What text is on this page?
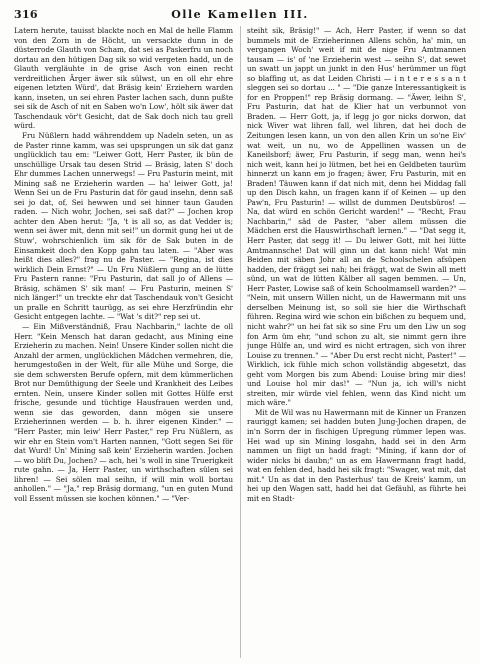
316	Olle Kamellen III.

Latern herute, tauisst blackte noch en Mal de helle Flamm von den Zorn in de Höcht, un versackte dunn in de düsterrode Glauth von Scham, dat sei as Paskerfru un noch dortau an den hütigen Dag sik so wid vergeten hadd, un de Glauth vergläuhte in de grise Asch von einen recht verdreitlichen Ärger äwer sik sülwst, un en oll ehr ehre eigenen letzten Würd', dat Bräsig kein' Erziehern warden kann, inseten, un sei ehren Paster lachen sach, dunn pußte sei sik de Asch of nit en Saben wo'n Low', hölt sik äwer dat Taschendauk vör't Gesicht, dat de Sak doch nich tau grell würd.

Fru Nüßlern hadd währenddem up Nadeln seten, un as de Paster rinne kamm, was sei upsprungen un sik dat ganz unglücklich tau em: "Leiwer Gott, Herr Paster, ik bün de unschüllige Ursak tau desen Strid — Bräsig, laten S' doch Ehr dummes Lachen unnerwegs! — Fru Pasturin meint, mit Mining saß ne Erzieherin warden — ha' leiwer Gott, ja! Wenn Sei un de Fru Pasturin dat för gaud insehn, denn saß sei jo dat, of, Sei hewwen und sei hinner taun Gauden raden. — Nich wohr, Jochen, sei saß dat?" — Jochen krop achter den Aben herut: "Ja, 't is all so, as dat Vedder is; wenn sei äwer mit, denn mit sei!" un dormit gung hei ut de Stuw', wohrschienlich üm sik för de Sak buten in de Einsamkeit doch den Kopp gahn tau laten. — "Aber was heißt dies alles?" frag nu de Paster. — "Regina, ist dies wirklich Dein Ernst?" — Un Fru Nüßlern gung an de lütte Fru Pastern ranne: "Fru Pasturin, dat sall jo of Allens — Bräsig, schämen S' sik man! — Fru Pasturin, meinen S' nich länger!" un treckte ehr dat Taschendauk von't Gesicht un pralle en Schritt taurügg, as sei ehre Herzfründin ehr Gesicht entgegen lachte. — "Wat 's dit?" rep sei ut.

— Ein Mißverständniß, Frau Nachbarin," lachte de oll Herr. "Kein Mensch hat daran gedacht, aus Mining eine Erzieherin zu machen. Nein! Unsere Kinder sollen nicht die Anzahl der armen, unglücklichen Mädchen vermehren, die, herumgestoßen in der Welt, für alle Mühe und Sorge, die sie dem schwersten Berufe opfern, mit dem kümmerlichen Brot nur Demüthigung der Seele und Krankheit des Leibes ernten. Nein, unsere Kinder sollen mit Gottes Hülfe erst frische, gesunde und tüchtige Hausfrauen werden und, wenn sie das geworden, dann mögen sie unsere Erzieherinnen werden — b. h. ihrer eigenen Kinder." — "Herr Paster, min leiw' Herr Paster," rep Fru Nüßlern, as wir ehr en Stein vom't Harten nannen, "Gott segen Sei för dat Wurd! Un' Mining saß kein' Erzieherin warden. Jochen — wo blift Du, Jochen? — ach, hei 's woll in sine Truerigkeit rute gahn. — Ja, Herr Paster, un wirthschaften sülen sei lihren! — Sei sölen mal seihn, if will min woll bortau anhollen." — "Ja," rep Bräsig dormang, "un en guten Mund voll Essent müssen sie kochen können." — "Ver-

steiht sik, Bräsig!" — Ach, Herr Paster, if wenn so dat bummels mit de Erzieherinnen Allens schön, ha' min, un vergangen Woch' weit if mit de nige Fru Amtmannen tausam — is' of 'ne Erzieherin west — seihn S', dat sewet un swatt un jappt un junkt in den Hus' herümmer un fügt so blaffing ut, as dat Leiden Christi — i n t e r e s s a n t sleggen sei so dortau ... " — "Die ganze Interessantigkeit is for en Proppen!" rep Bräsig dormang. — "Äwer, leihn S', Fru Pasturin, dat hat de Klier hat un verbunnot von Braden. — Herr Gott, ja, if legg jo gor nicks dorwon, dat nick Wiver wat lihren fall, wel lihren, dat hei doch de Zeitungen lesen kann, un von den allen Krin un so'ne Eiv' wat weit, un nu, wo de Appellinen wassen un de Kaneilsborf; äwer, Fru Pasturin, if segg man, wenn hei's nich weit, kann hei jo lütmen, bet hei en Geldbeten taurüm hinnerzt un kann em jo fragen; äwer, Fru Pasturin, mit en Braden! Täuwen kann if dat nich mit, denn hei Middag fall up den Disch kahn, un fragen kann if of Keinen — up den Paw'n, Fru Pasturin! — willst de dummen Deutsbüros! — Na, dat würd en schön Gericht warden!" — "Recht, Frau Nachbarin," säd de Paster, "aber allem müssen die Mädchen erst die Hauswirthschaft lernen." — "Dat segg it, Herr Paster, dat segg it! — Du leiwer Gott, mit hei lütte Amtmannsche! Dat will ginn un dat kann nich! Wat min Beiden mit säben Johr all an de Schoolschelen afsüpen hadden, der fräggt sei nah; hei fräggt, wat de Swin all mett sünd, un wat de lütten Kälber all sagen bemmen. — Un, Herr Paster, Lowise saß of kein Schoolmamsell warden?" — "Nein, mit unsern Willen nicht, un de Hawermann mit uns derselben Meinung ist, so soll sie hier die Wirthschaft führen. Regina wird wie schon ein bißchen zu bequem und, nicht wahr?" un hei fat sik so sine Fru um den Liw un sog fon Arm üm ehr, "und schon zu alt, sie nimmt gern ihre junge Hülfe an, und wird es nicht ertragen, sich von ihrer Louise zu trennen." — "Aber Du erst recht nicht, Paster!" — Wirklich, ick fühle mich schon vollständig abgesetzt, das geht vom Morgen bis zum Abend: Louise bring mir dies! und Louise hol mir das!" — "Nun ja, ich will's nicht streiten, mir würde viel fehlen, wenn das Kind nicht um mich wäre."

Mit de Wil was nu Hawermann mit de Kinner un Franzen rauriggt kamen; sei hadden buten Jung-Jochen drapen, de in'n Sorrn der in fischigen Upregung rümmer lepen was. Hei wad up sin Mining losgahn, hadd sei in den Arm nammen un fiigt un hadd fragt: "Mining, if kann dor of wider nicks bi daubn;" un as em Hawermann fragt hadd, wat en fehlen ded, hadd hei sik fragt: "Swager, wat mit, dat mit." Un as dat in den Pasterhus' tau de Kreis' kamm, un hei up den Wagen satt, hadd hei dat Gefäuhl, as führte hei mit en Stadt-
